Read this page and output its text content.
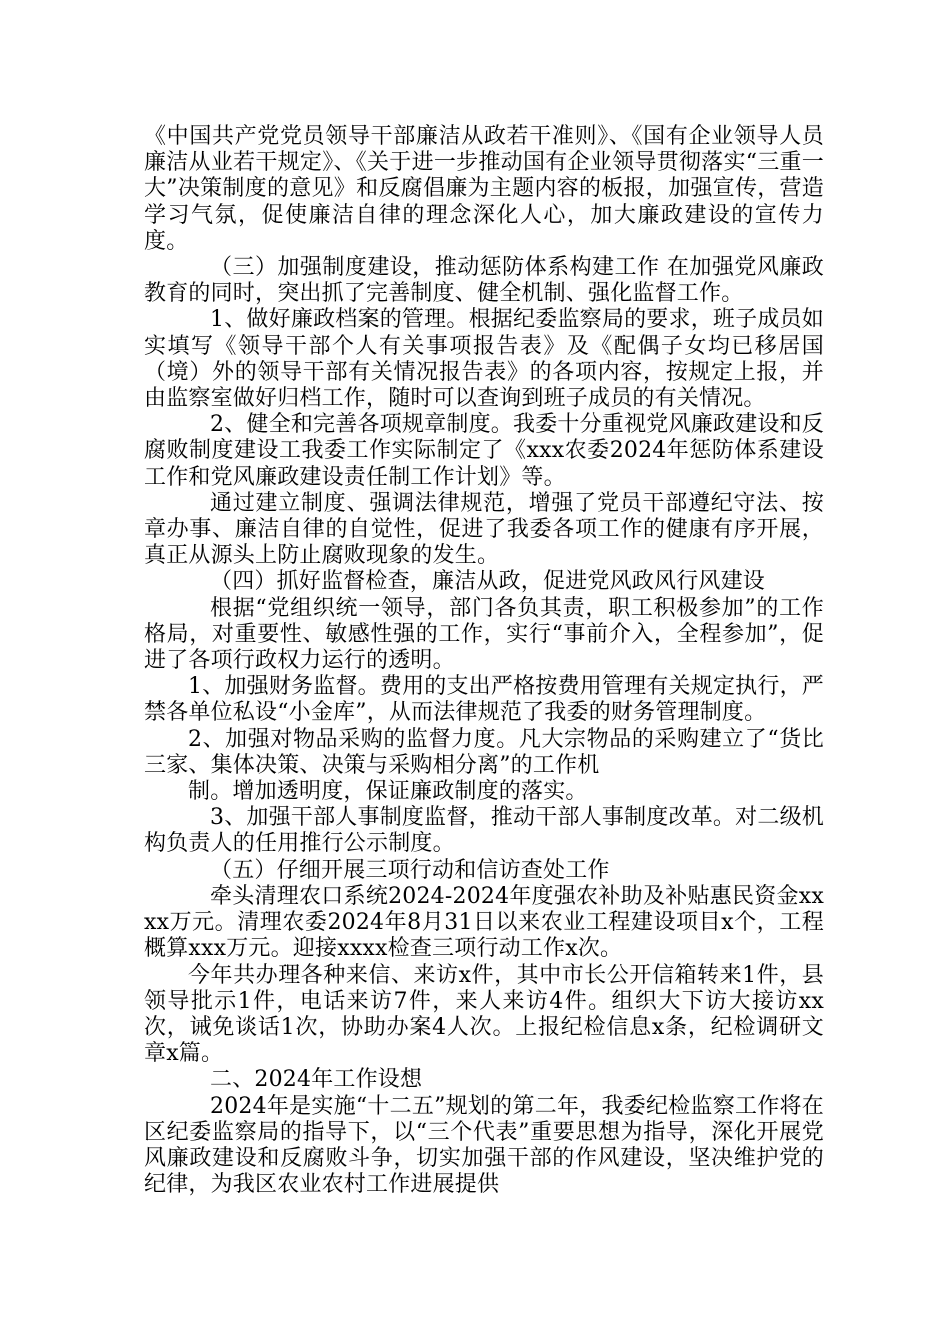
《中国共产党党员领导干部廉洁从政若干准则》、《国有企业领导人员廉洁从业若干规定》、《关于进一步推动国有企业领导贯彻落实“三重一大”决策制度的意见》和反腐倡廉为主题内容的板报，加强宣传，营造学习气氛，促使廉洁自律的理念深化人心，加大廉政建设的宣传力度。

（三）加强制度建设，推动惩防体系构建工作 在加强党风廉政教育的同时，突出抓了完善制度、健全机制、强化监督工作。

1、做好廉政档案的管理。根据纪委监察局的要求，班子成员如实填写《领导干部个人有关事项报告表》及《配偶子女均已移居国（境）外的领导干部有关情况报告表》的各项内容，按规定上报，并由监察室做好归档工作，随时可以查询到班子成员的有关情况。

2、健全和完善各项规章制度。我委十分重视党风廉政建设和反腐败制度建设工我委工作实际制定了《xxx农委2024年惩防体系建设工作和党风廉政建设责任制工作计划》等。

通过建立制度、强调法律规范，增强了党员干部遵纪守法、按章办事、廉洁自律的自觉性，促进了我委各项工作的健康有序开展，真正从源头上防止腐败现象的发生。

（四）抓好监督检查，廉洁从政，促进党风政风行风建设

根据“党组织统一领导，部门各负其责，职工积极参加”的工作格局，对重要性、敏感性强的工作，实行“事前介入，全程参加”，促进了各项行政权力运行的透明。

1、加强财务监督。费用的支出严格按费用管理有关规定执行，严禁各单位私设“小金库”，从而法律规范了我委的财务管理制度。

2、加强对物品采购的监督力度。凡大宗物品的采购建立了“货比三家、集体决策、决策与采购相分离”的工作机

制。增加透明度，保证廉政制度的落实。

3、加强干部人事制度监督，推动干部人事制度改革。对二级机构负责人的任用推行公示制度。

（五）仔细开展三项行动和信访查处工作

牵头清理农口系统2024-2024年度强农补助及补贴惠民资金xxxx万元。清理农委2024年8月31日以来农业工程建设项目x个，工程概算xxx万元。迎接xxxx检查三项行动工作x次。

今年共办理各种来信、来访x件，其中市长公开信箱转来1件，县领导批示1件，电话来访7件，来人来访4件。组织大下访大接访xx次，诫免谈话1次，协助办案4人次。上报纪检信息x条，纪检调研文章x篇。

二、2024年工作设想

2024年是实施“十二五”规划的第二年，我委纪检监察工作将在区纪委监察局的指导下，以“三个代表”重要思想为指导，深化开展党风廉政建设和反腐败斗争，切实加强干部的作风建设，坚决维护党的纪律，为我区农业农村工作进展提供
